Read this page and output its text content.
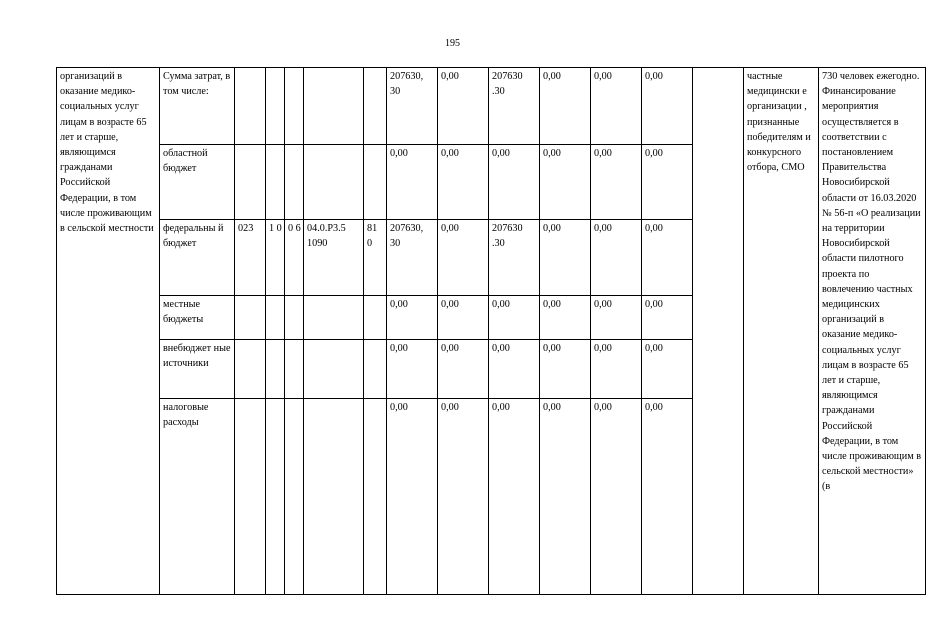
195
организаций в оказание медико-социальных услуг лицам в возрасте 65 лет и старше, являющимся гражданами Российской Федерации, в том числе проживающим в сельской местности	Сумма затрат, в том числе:						207630, 30	0,00	207630 .30	0,00	0,00	0,00		частные медицински е организации , признанные победителям и конкурсного отбора, СМО	730 человек ежегодно. Финансирование мероприятия осуществляется в соответствии с постановлением Правительства Новосибирской области от 16.03.2020 № 56-п «О реализации на территории Новосибирской области пилотного проекта по вовлечению частных медицинских организаций в оказание медико-социальных услуг лицам в возрасте 65 лет и старше, являющимся гражданами Российской Федерации, в том числе проживающим в сельской местности» (в
	областной бюджет						0,00	0,00	0,00	0,00	0,00	0,00			
	федеральны й бюджет	023	1 0	0 6	04.0.Р3.5 1090	81 0	207630, 30	0,00	207630 .30	0,00	0,00	0,00			
	местные бюджеты						0,00	0,00	0,00	0,00	0,00	0,00			
	внебюджет ные источники						0,00	0,00	0,00	0,00	0,00	0,00			
	налоговые расходы						0,00	0,00	0,00	0,00	0,00	0,00			
